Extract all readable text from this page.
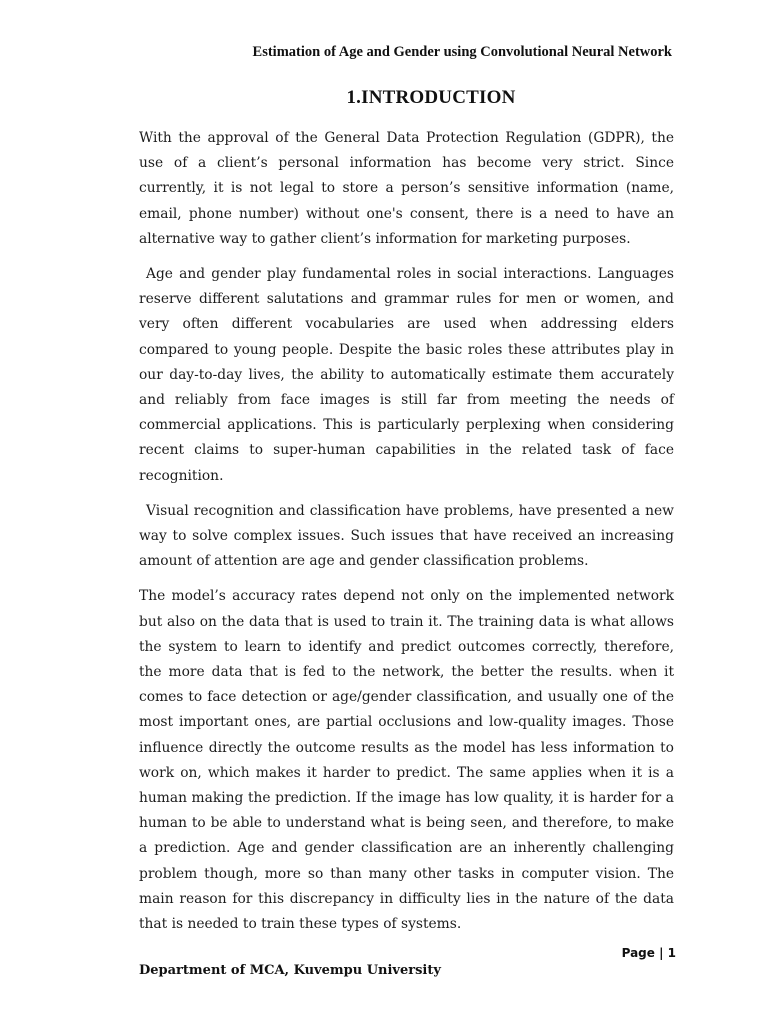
Estimation of Age and Gender using Convolutional Neural Network
1.INTRODUCTION

With the approval of the General Data Protection Regulation (GDPR), the use of a client’s personal information has become very strict. Since currently, it is not legal to store a person’s sensitive information (name, email, phone number) without one's consent, there is a need to have an alternative way to gather client’s information for marketing purposes.

Age and gender play fundamental roles in social interactions. Languages reserve different salutations and grammar rules for men or women, and very often different vocabularies are used when addressing elders compared to young people. Despite the basic roles these attributes play in our day-to-day lives, the ability to automatically estimate them accurately and reliably from face images is still far from meeting the needs of commercial applications. This is particularly perplexing when considering recent claims to super-human capabilities in the related task of face recognition.

Visual recognition and classification have problems, have presented a new way to solve complex issues. Such issues that have received an increasing amount of attention are age and gender classification problems.

The model’s accuracy rates depend not only on the implemented network but also on the data that is used to train it. The training data is what allows the system to learn to identify and predict outcomes correctly, therefore, the more data that is fed to the network, the better the results. when it comes to face detection or age/gender classification, and usually one of the most important ones, are partial occlusions and low-quality images. Those influence directly the outcome results as the model has less information to work on, which makes it harder to predict. The same applies when it is a human making the prediction. If the image has low quality, it is harder for a human to be able to understand what is being seen, and therefore, to make a prediction. Age and gender classification are an inherently challenging problem though, more so than many other tasks in computer vision. The main reason for this discrepancy in difficulty lies in the nature of the data that is needed to train these types of systems.

Page | 1
Department of MCA, Kuvempu University
